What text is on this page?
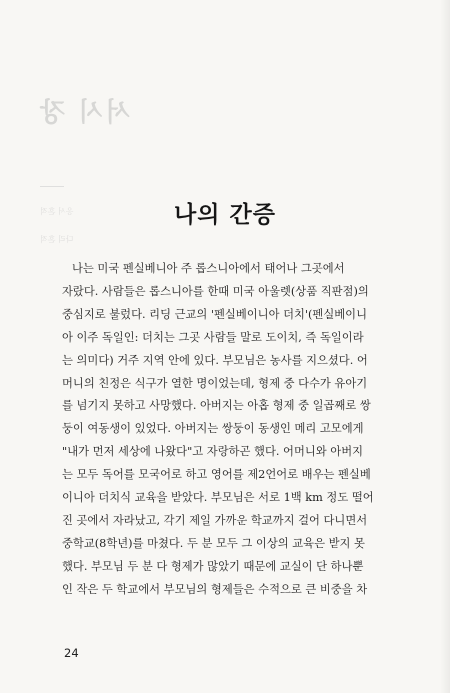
서시 장
응서 흔적
다리 흔적
나의 간증
나는 미국 펜실베니아 주 롭스니아에서 태어나 그곳에서
자랐다. 사람들은 롭스니아를 한때 미국 아울렛(상품 직판점)의
중심지로 불렀다. 리딩 근교의 '펜실베이니아 더치'(펜실베이니
아 이주 독일인: 더치는 그곳 사람들 말로 도이치, 즉 독일이라
는 의미다) 거주 지역 안에 있다. 부모님은 농사를 지으셨다. 어
머니의 친정은 식구가 열한 명이었는데, 형제 중 다수가 유아기
를 넘기지 못하고 사망했다. 아버지는 아홉 형제 중 일곱째로 쌍
둥이 여동생이 있었다. 아버지는 쌍둥이 동생인 메리 고모에게
"내가 먼저 세상에 나왔다"고 자랑하곤 했다. 어머니와 아버지
는 모두 독어를 모국어로 하고 영어를 제2언어로 배우는 펜실베
이니아 더치식 교육을 받았다. 부모님은 서로 1백 km 정도 떨어
진 곳에서 자라났고, 각기 제일 가까운 학교까지 걸어 다니면서
중학교(8학년)를 마쳤다. 두 분 모두 그 이상의 교육은 받지 못
했다. 부모님 두 분 다 형제가 많았기 때문에 교실이 단 하나뿐
인 작은 두 학교에서 부모님의 형제들은 수적으로 큰 비중을 차
24
